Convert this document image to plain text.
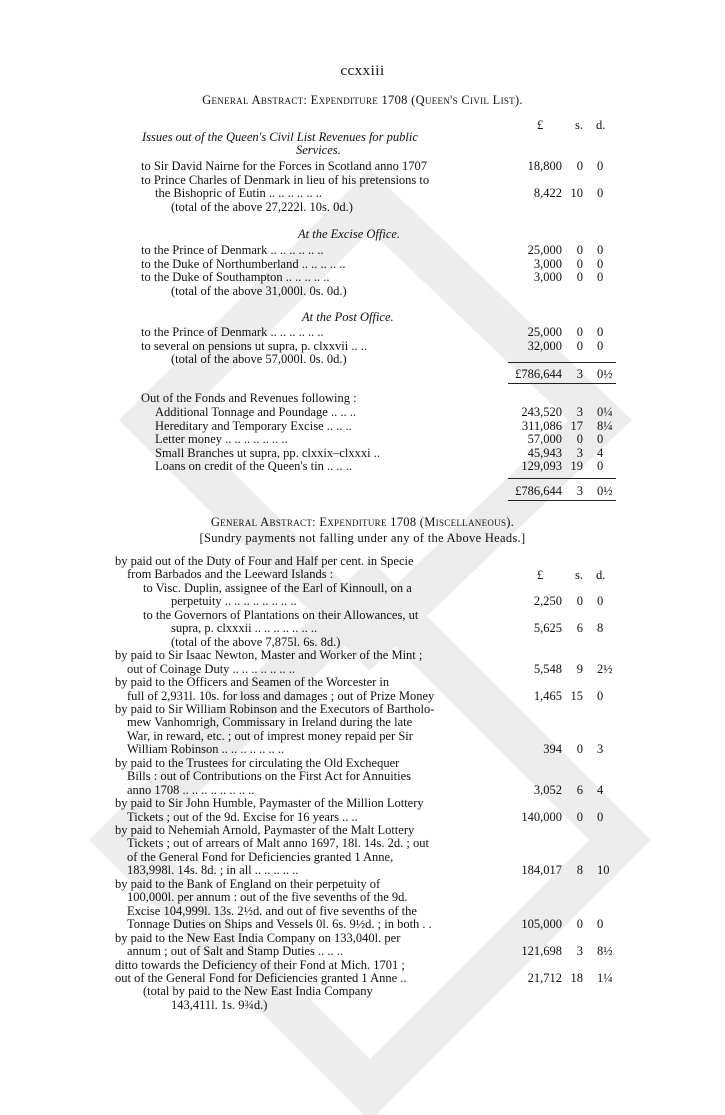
ccxxiii
General Abstract: Expenditure 1708 (Queen's Civil List).
£	s. d.
Issues out of the Queen's Civil List Revenues for public
Services.
to Sir David Nairne for the Forces in Scotland anno 1707	18,800 0 0
to Prince Charles of Denmark in lieu of his pretensions to
the Bishopric of Eutin .. .. .. .. .. ..	8,422 10 0
(total of the above 27,222l. 10s. 0d.)
At the Excise Office.
to the Prince of Denmark .. .. .. .. .. ..	25,000 0 0
to the Duke of Northumberland .. .. .. .. ..	3,000 0 0
to the Duke of Southampton .. .. .. .. ..	3,000 0 0
(total of the above 31,000l. 0s. 0d.)
At the Post Office.
to the Prince of Denmark .. .. .. .. .. ..	25,000 0 0
to several on pensions ut supra, p. clxxvii .. ..	32,000 0 0
(total of the above 57,000l. 0s. 0d.)
£786,644 3 0½
Out of the Fonds and Revenues following :
Additional Tonnage and Poundage .. .. ..	243,520 3 0¼
Hereditary and Temporary Excise .. .. ..	311,086 17 8¼
Letter money .. .. .. .. .. .. ..	57,000 0 0
Small Branches ut supra, pp. clxxix–clxxxi ..	45,943 3 4
Loans on credit of the Queen's tin .. .. ..	129,093 19 0
£786,644 3 0½
General Abstract: Expenditure 1708 (Miscellaneous).
[Sundry payments not falling under any of the Above Heads.]
£	s. d.
by paid out of the Duty of Four and Half per cent. in Specie
from Barbados and the Leeward Islands :
to Visc. Duplin, assignee of the Earl of Kinnoull, on a
perpetuity .. .. .. .. .. .. .. ..	2,250 0 0
to the Governors of Plantations on their Allowances, ut
supra, p. clxxxii .. .. .. .. .. .. ..	5,625 6 8
(total of the above 7,875l. 6s. 8d.)
by paid to Sir Isaac Newton, Master and Worker of the Mint ;
out of Coinage Duty .. .. .. .. .. .. ..	5,548 9 2½
by paid to the Officers and Seamen of the Worcester in
full of 2,931l. 10s. for loss and damages ; out of Prize Money	1,465 15 0
by paid to Sir William Robinson and the Executors of Bartholo-
mew Vanhomrigh, Commissary in Ireland during the late
War, in reward, etc. ; out of imprest money repaid per Sir
William Robinson .. .. .. .. .. .. ..	394 0 3
by paid to the Trustees for circulating the Old Exchequer
Bills : out of Contributions on the First Act for Annuities
anno 1708 .. .. .. .. .. .. .. ..	3,052 6 4
by paid to Sir John Humble, Paymaster of the Million Lottery
Tickets ; out of the 9d. Excise for 16 years .. ..	140,000 0 0
by paid to Nehemiah Arnold, Paymaster of the Malt Lottery
Tickets ; out of arrears of Malt anno 1697, 18l. 14s. 2d. ; out
of the General Fond for Deficiencies granted 1 Anne,
183,998l. 14s. 8d. ; in all .. .. .. .. ..	184,017 8 10
by paid to the Bank of England on their perpetuity of
100,000l. per annum : out of the five sevenths of the 9d.
Excise 104,999l. 13s. 2½d. and out of five sevenths of the
Tonnage Duties on Ships and Vessels 0l. 6s. 9½d. ; in both . .	105,000 0 0
by paid to the New East India Company on 133,040l. per
annum ; out of Salt and Stamp Duties .. .. ..	121,698 3 8½
ditto towards the Deficiency of their Fond at Mich. 1701 ;
out of the General Fond for Deficiencies granted 1 Anne ..	21,712 18 1¼
(total by paid to the New East India Company
143,411l. 1s. 9¾d.)
